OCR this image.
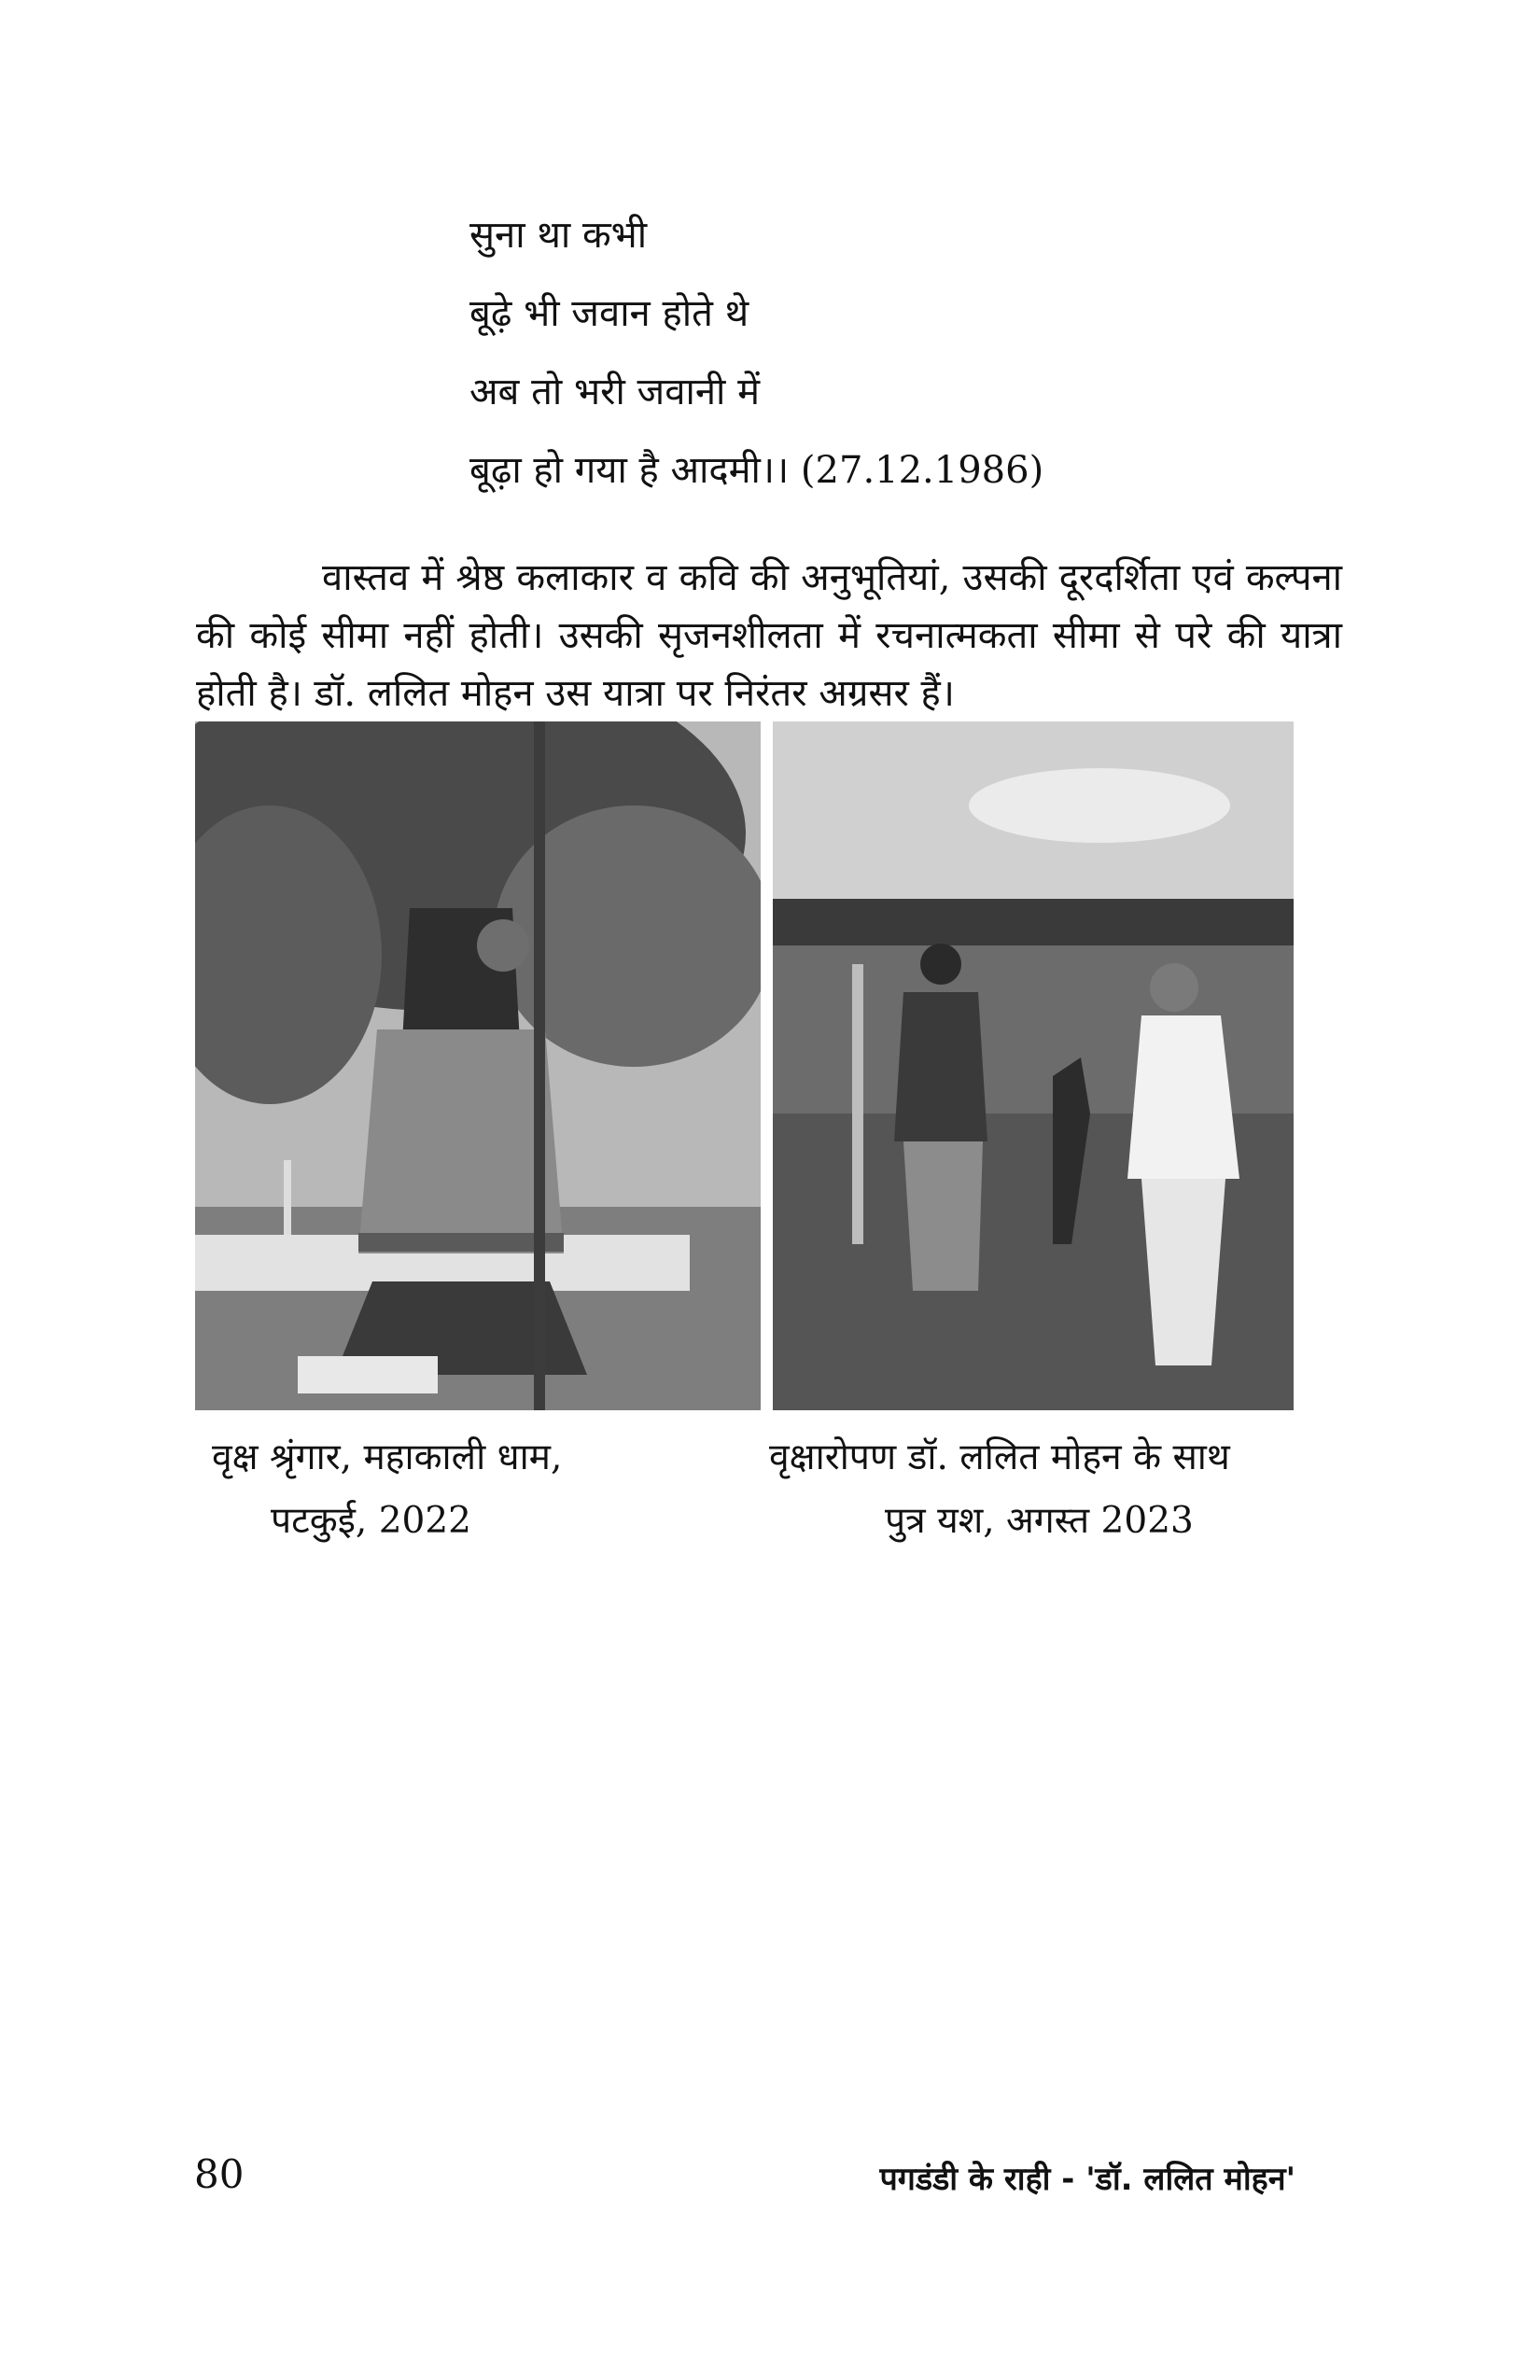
सुना था कभी
बूढ़े भी जवान होते थे
अब तो भरी जवानी में
बूढ़ा हो गया है आदमी।। (27.12.1986)

वास्तव में श्रेष्ठ कलाकार व कवि की अनुभूतियां, उसकी दूरदर्शिता एवं कल्पना की कोई सीमा नहीं होती। उसकी सृजनशीलता में रचनात्मकता सीमा से परे की यात्रा होती है। डॉ. ललित मोहन उस यात्रा पर निरंतर अग्रसर हैं।

वृक्ष श्रृंगार, महाकाली धाम,
पटकुई, 2022
वृक्षारोपण डॉ. ललित मोहन के साथ
पुत्र यश, अगस्त 2023
80	पगडंडी के राही - 'डॉ. ललित मोहन'
